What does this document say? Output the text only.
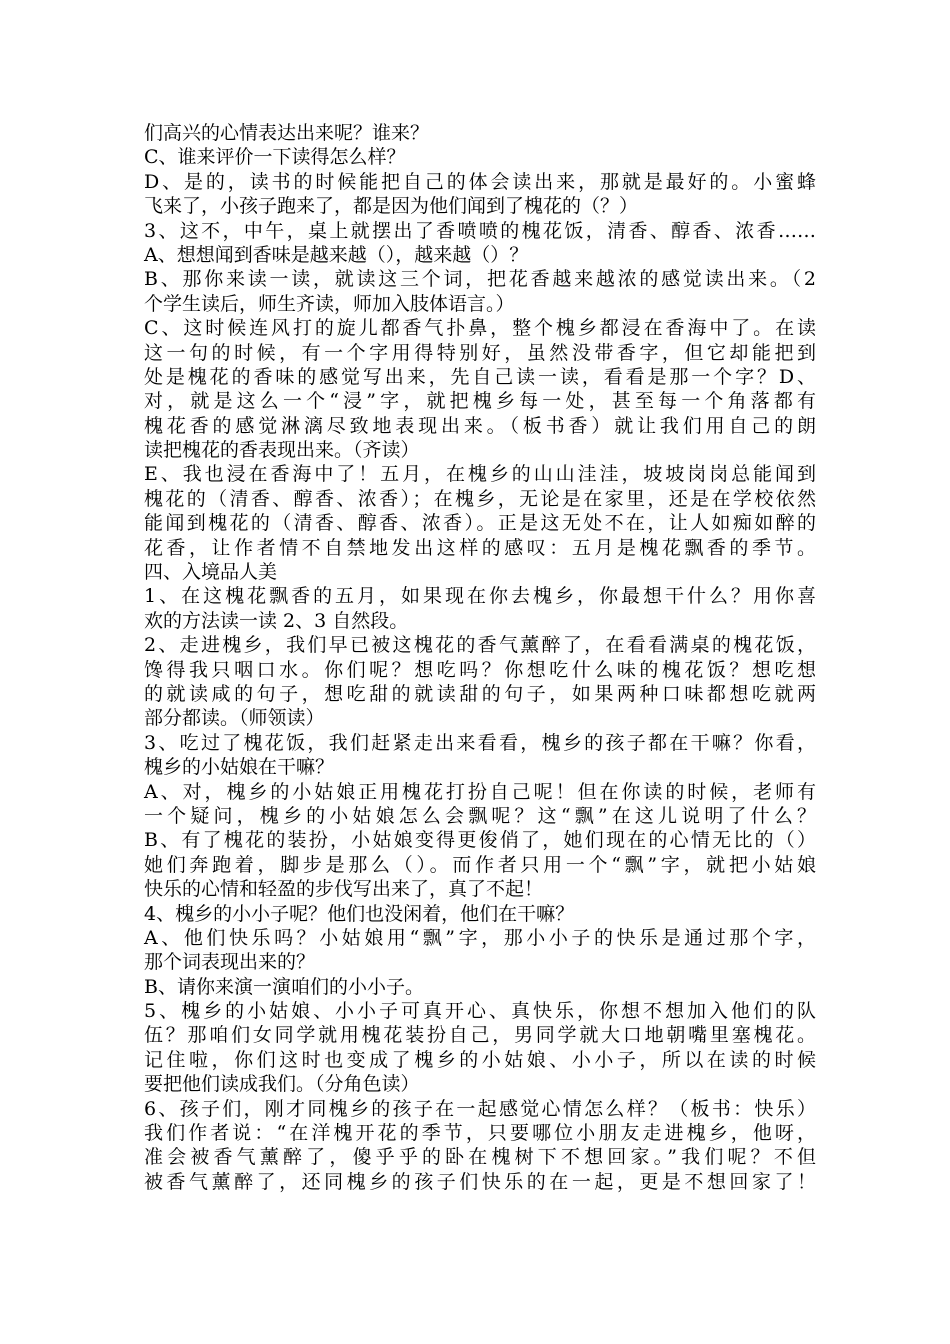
们高兴的心情表达出来呢？谁来？
C、谁来评价一下读得怎么样？
D、是的，读书的时候能把自己的体会读出来，那就是最好的。小蜜蜂
飞来了，小孩子跑来了，都是因为他们闻到了槐花的（？）
3、这不，中午，桌上就摆出了香喷喷的槐花饭，清香、醇香、浓香……
A、想想闻到香味是越来越（），越来越（）？
B、那你来读一读，就读这三个词，把花香越来越浓的感觉读出来。（2
个学生读后，师生齐读，师加入肢体语言。）
C、这时候连风打的旋儿都香气扑鼻，整个槐乡都浸在香海中了。在读
这一句的时候，有一个字用得特别好，虽然没带香字，但它却能把到
处是槐花的香味的感觉写出来，先自己读一读，看看是那一个字？D、
对，就是这么一个“浸”字，就把槐乡每一处，甚至每一个角落都有
槐花香的感觉淋漓尽致地表现出来。（板书香）就让我们用自己的朗
读把槐花的香表现出来。（齐读）
E、我也浸在香海中了！五月，在槐乡的山山洼洼，坡坡岗岗总能闻到
槐花的（清香、醇香、浓香）；在槐乡，无论是在家里，还是在学校依然
能闻到槐花的（清香、醇香、浓香）。正是这无处不在，让人如痴如醉的
花香，让作者情不自禁地发出这样的感叹：五月是槐花飘香的季节。
四、入境品人美
1、在这槐花飘香的五月，如果现在你去槐乡，你最想干什么？用你喜
欢的方法读一读 2、3 自然段。
2、走进槐乡，我们早已被这槐花的香气薰醉了，在看看满桌的槐花饭，
馋得我只咽口水。你们呢？想吃吗？你想吃什么味的槐花饭？想吃想
的就读咸的句子，想吃甜的就读甜的句子，如果两种口味都想吃就两
部分都读。（师领读）
3、吃过了槐花饭，我们赶紧走出来看看，槐乡的孩子都在干嘛？你看，
槐乡的小姑娘在干嘛？
A、对，槐乡的小姑娘正用槐花打扮自己呢！但在你读的时候，老师有
一个疑问，槐乡的小姑娘怎么会飘呢？这“飘”在这儿说明了什么？
B、有了槐花的装扮，小姑娘变得更俊俏了，她们现在的心情无比的（）
她们奔跑着，脚步是那么（）。而作者只用一个“飘”字，就把小姑娘
快乐的心情和轻盈的步伐写出来了，真了不起！
4、槐乡的小小子呢？他们也没闲着，他们在干嘛？
A、他们快乐吗？小姑娘用“飘”字，那小小子的快乐是通过那个字，
那个词表现出来的？
B、请你来演一演咱们的小小子。
5、槐乡的小姑娘、小小子可真开心、真快乐，你想不想加入他们的队
伍？那咱们女同学就用槐花装扮自己，男同学就大口地朝嘴里塞槐花。
记住啦，你们这时也变成了槐乡的小姑娘、小小子，所以在读的时候
要把他们读成我们。（分角色读）
6、孩子们，刚才同槐乡的孩子在一起感觉心情怎么样？（板书：快乐）
我们作者说：“在洋槐开花的季节，只要哪位小朋友走进槐乡，他呀，
准会被香气薰醉了，傻乎乎的卧在槐树下不想回家。”我们呢？不但
被香气薰醉了，还同槐乡的孩子们快乐的在一起，更是不想回家了！
